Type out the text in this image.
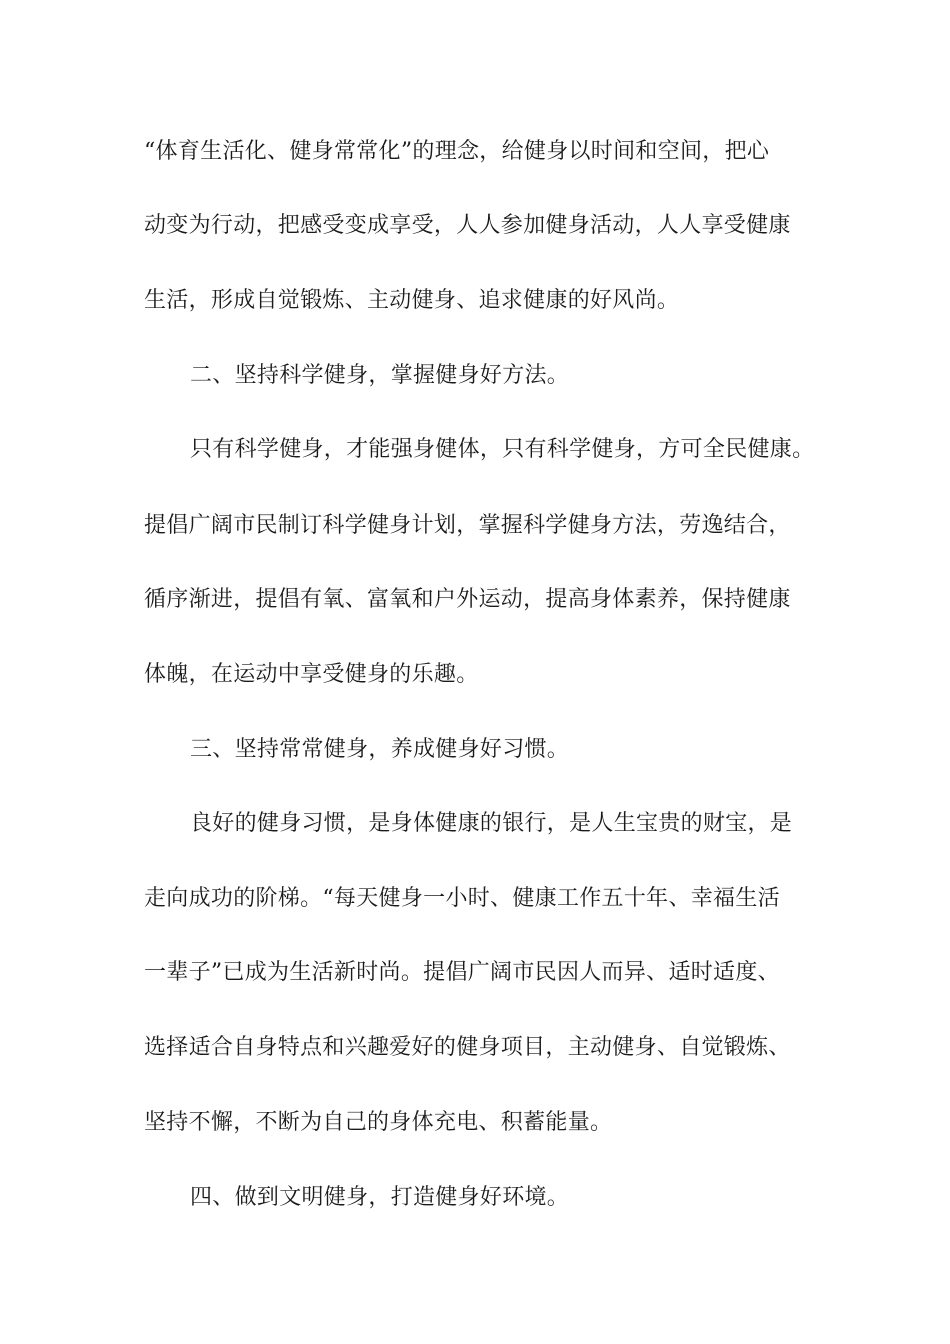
“体育生活化、健身常常化”的理念，给健身以时间和空间，把心
动变为行动，把感受变成享受，人人参加健身活动，人人享受健康
生活，形成自觉锻炼、主动健身、追求健康的好风尚。
二、坚持科学健身，掌握健身好方法。
只有科学健身，才能强身健体，只有科学健身，方可全民健康。
提倡广阔市民制订科学健身计划，掌握科学健身方法，劳逸结合，
循序渐进，提倡有氧、富氧和户外运动，提高身体素养，保持健康
体魄，在运动中享受健身的乐趣。
三、坚持常常健身，养成健身好习惯。
良好的健身习惯，是身体健康的银行，是人生宝贵的财宝，是
走向成功的阶梯。“每天健身一小时、健康工作五十年、幸福生活
一辈子”已成为生活新时尚。提倡广阔市民因人而异、适时适度、
选择适合自身特点和兴趣爱好的健身项目，主动健身、自觉锻炼、
坚持不懈，不断为自己的身体充电、积蓄能量。
四、做到文明健身，打造健身好环境。
